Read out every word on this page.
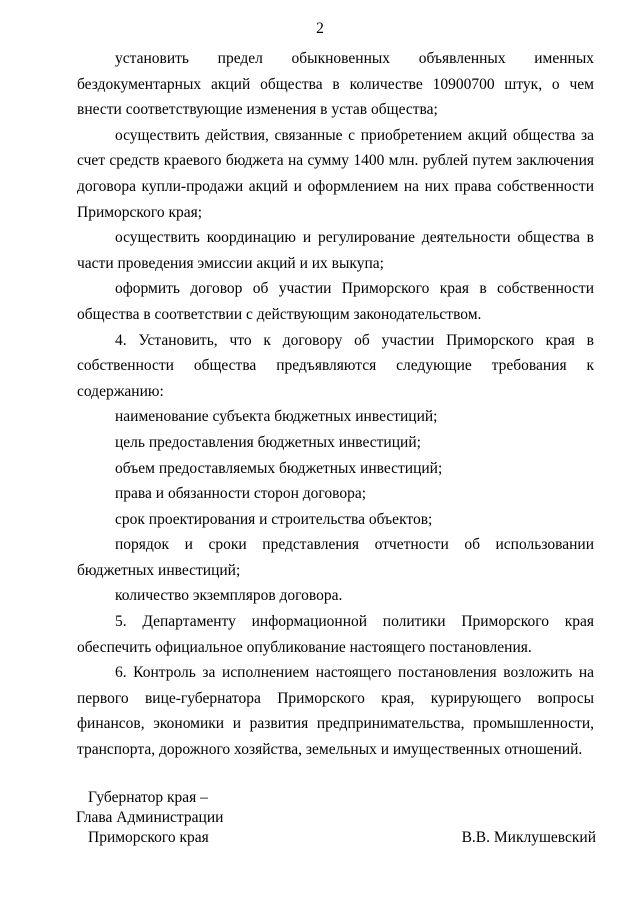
2

установить предел обыкновенных объявленных именных бездокументарных акций общества в количестве 10900700 штук, о чем внести соответствующие изменения в устав общества;

осуществить действия, связанные с приобретением акций общества за счет средств краевого бюджета на сумму 1400 млн. рублей путем заключения договора купли-продажи акций и оформлением на них права собственности Приморского края;

осуществить координацию и регулирование деятельности общества в части проведения эмиссии акций и их выкупа;

оформить договор об участии Приморского края в собственности общества в соответствии с действующим законодательством.

4. Установить, что к договору об участии Приморского края в собственности общества предъявляются следующие требования к содержанию:

наименование субъекта бюджетных инвестиций;

цель предоставления бюджетных инвестиций;

объем предоставляемых бюджетных инвестиций;

права и обязанности сторон договора;

срок проектирования и строительства объектов;

порядок и сроки представления отчетности об использовании бюджетных инвестиций;

количество экземпляров договора.

5. Департаменту информационной политики Приморского края обеспечить официальное опубликование настоящего постановления.

6. Контроль за исполнением настоящего постановления возложить на первого вице-губернатора Приморского края, курирующего вопросы финансов, экономики и развития предпринимательства, промышленности, транспорта, дорожного хозяйства, земельных и имущественных отношений.

Губернатор края –
Глава Администрации
Приморского края	В.В. Миклушевский
